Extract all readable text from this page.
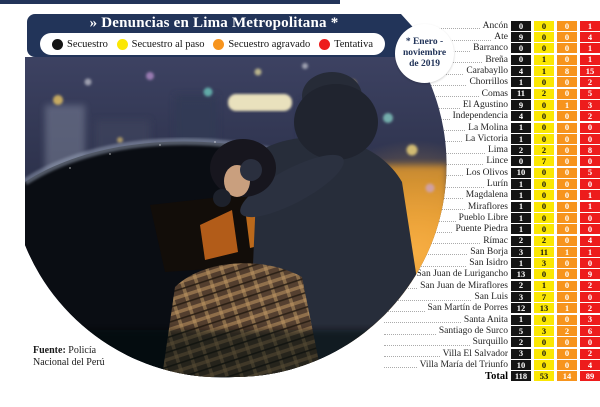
Ancón	0	0	0	1
Ate	9	0	0	4
Barranco	0	0	0	1
Breña	0	1	0	1
Carabayllo	4	1	8	15
Chorrillos	1	0	0	2
Comas	11	2	0	5
El Agustino	9	0	1	3
Independencia	4	0	0	2
La Molina	1	0	0	0
La Victoria	1	0	0	0
Lima	2	2	0	8
Lince	0	7	0	0
Los Olivos	10	0	0	5
Lurín	1	0	0	0
Magdalena	1	0	0	1
Miraflores	1	0	0	1
Pueblo Libre	1	0	0	0
Puente Piedra	1	0	0	0
Rímac	2	2	0	4
San Borja	3	11	1	1
San Isidro	1	3	0	0
San Juan de Lurigancho	13	0	0	9
San Juan de Miraflores	2	1	0	2
San Luis	3	7	0	0
San Martín de Porres	12	13	1	2
Santa Anita	1	0	0	3
Santiago de Surco	5	3	2	6
Surquillo	2	0	0	0
Villa El Salvador	3	0	0	2
Villa María del Triunfo	10	0	0	4
Total 118	53	14	89
» Denuncias en Lima Metropolitana *
Secuestro Secuestro al paso Secuestro agravado Tentativa	* Enero -
noviembre
de 2019
Fuente: Policía
Nacional del Perú
